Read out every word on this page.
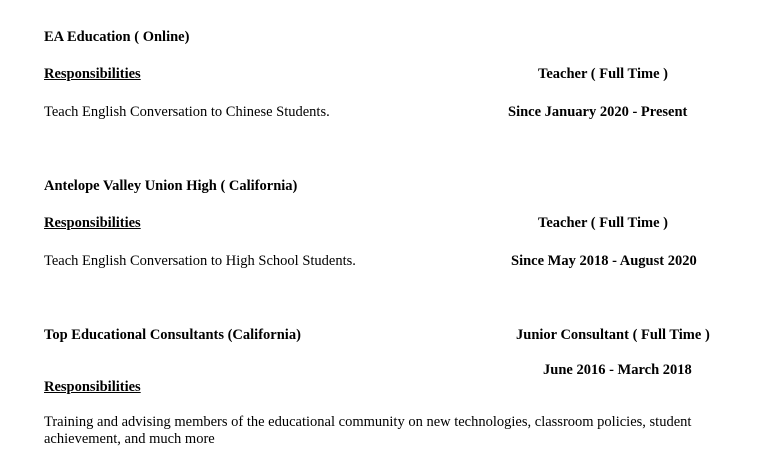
EA Education ( Online)
Responsibilities	Teacher ( Full Time )
Teach English Conversation to Chinese Students.	Since January 2020 - Present
Antelope Valley Union High ( California)
Responsibilities	Teacher ( Full Time )
Teach English Conversation to High School Students.	Since May 2018 - August 2020
Top Educational Consultants (California)	Junior Consultant ( Full Time )
June 2016 - March 2018
Responsibilities
Training and advising members of the educational community on new technologies, classroom policies, student achievement, and much more
